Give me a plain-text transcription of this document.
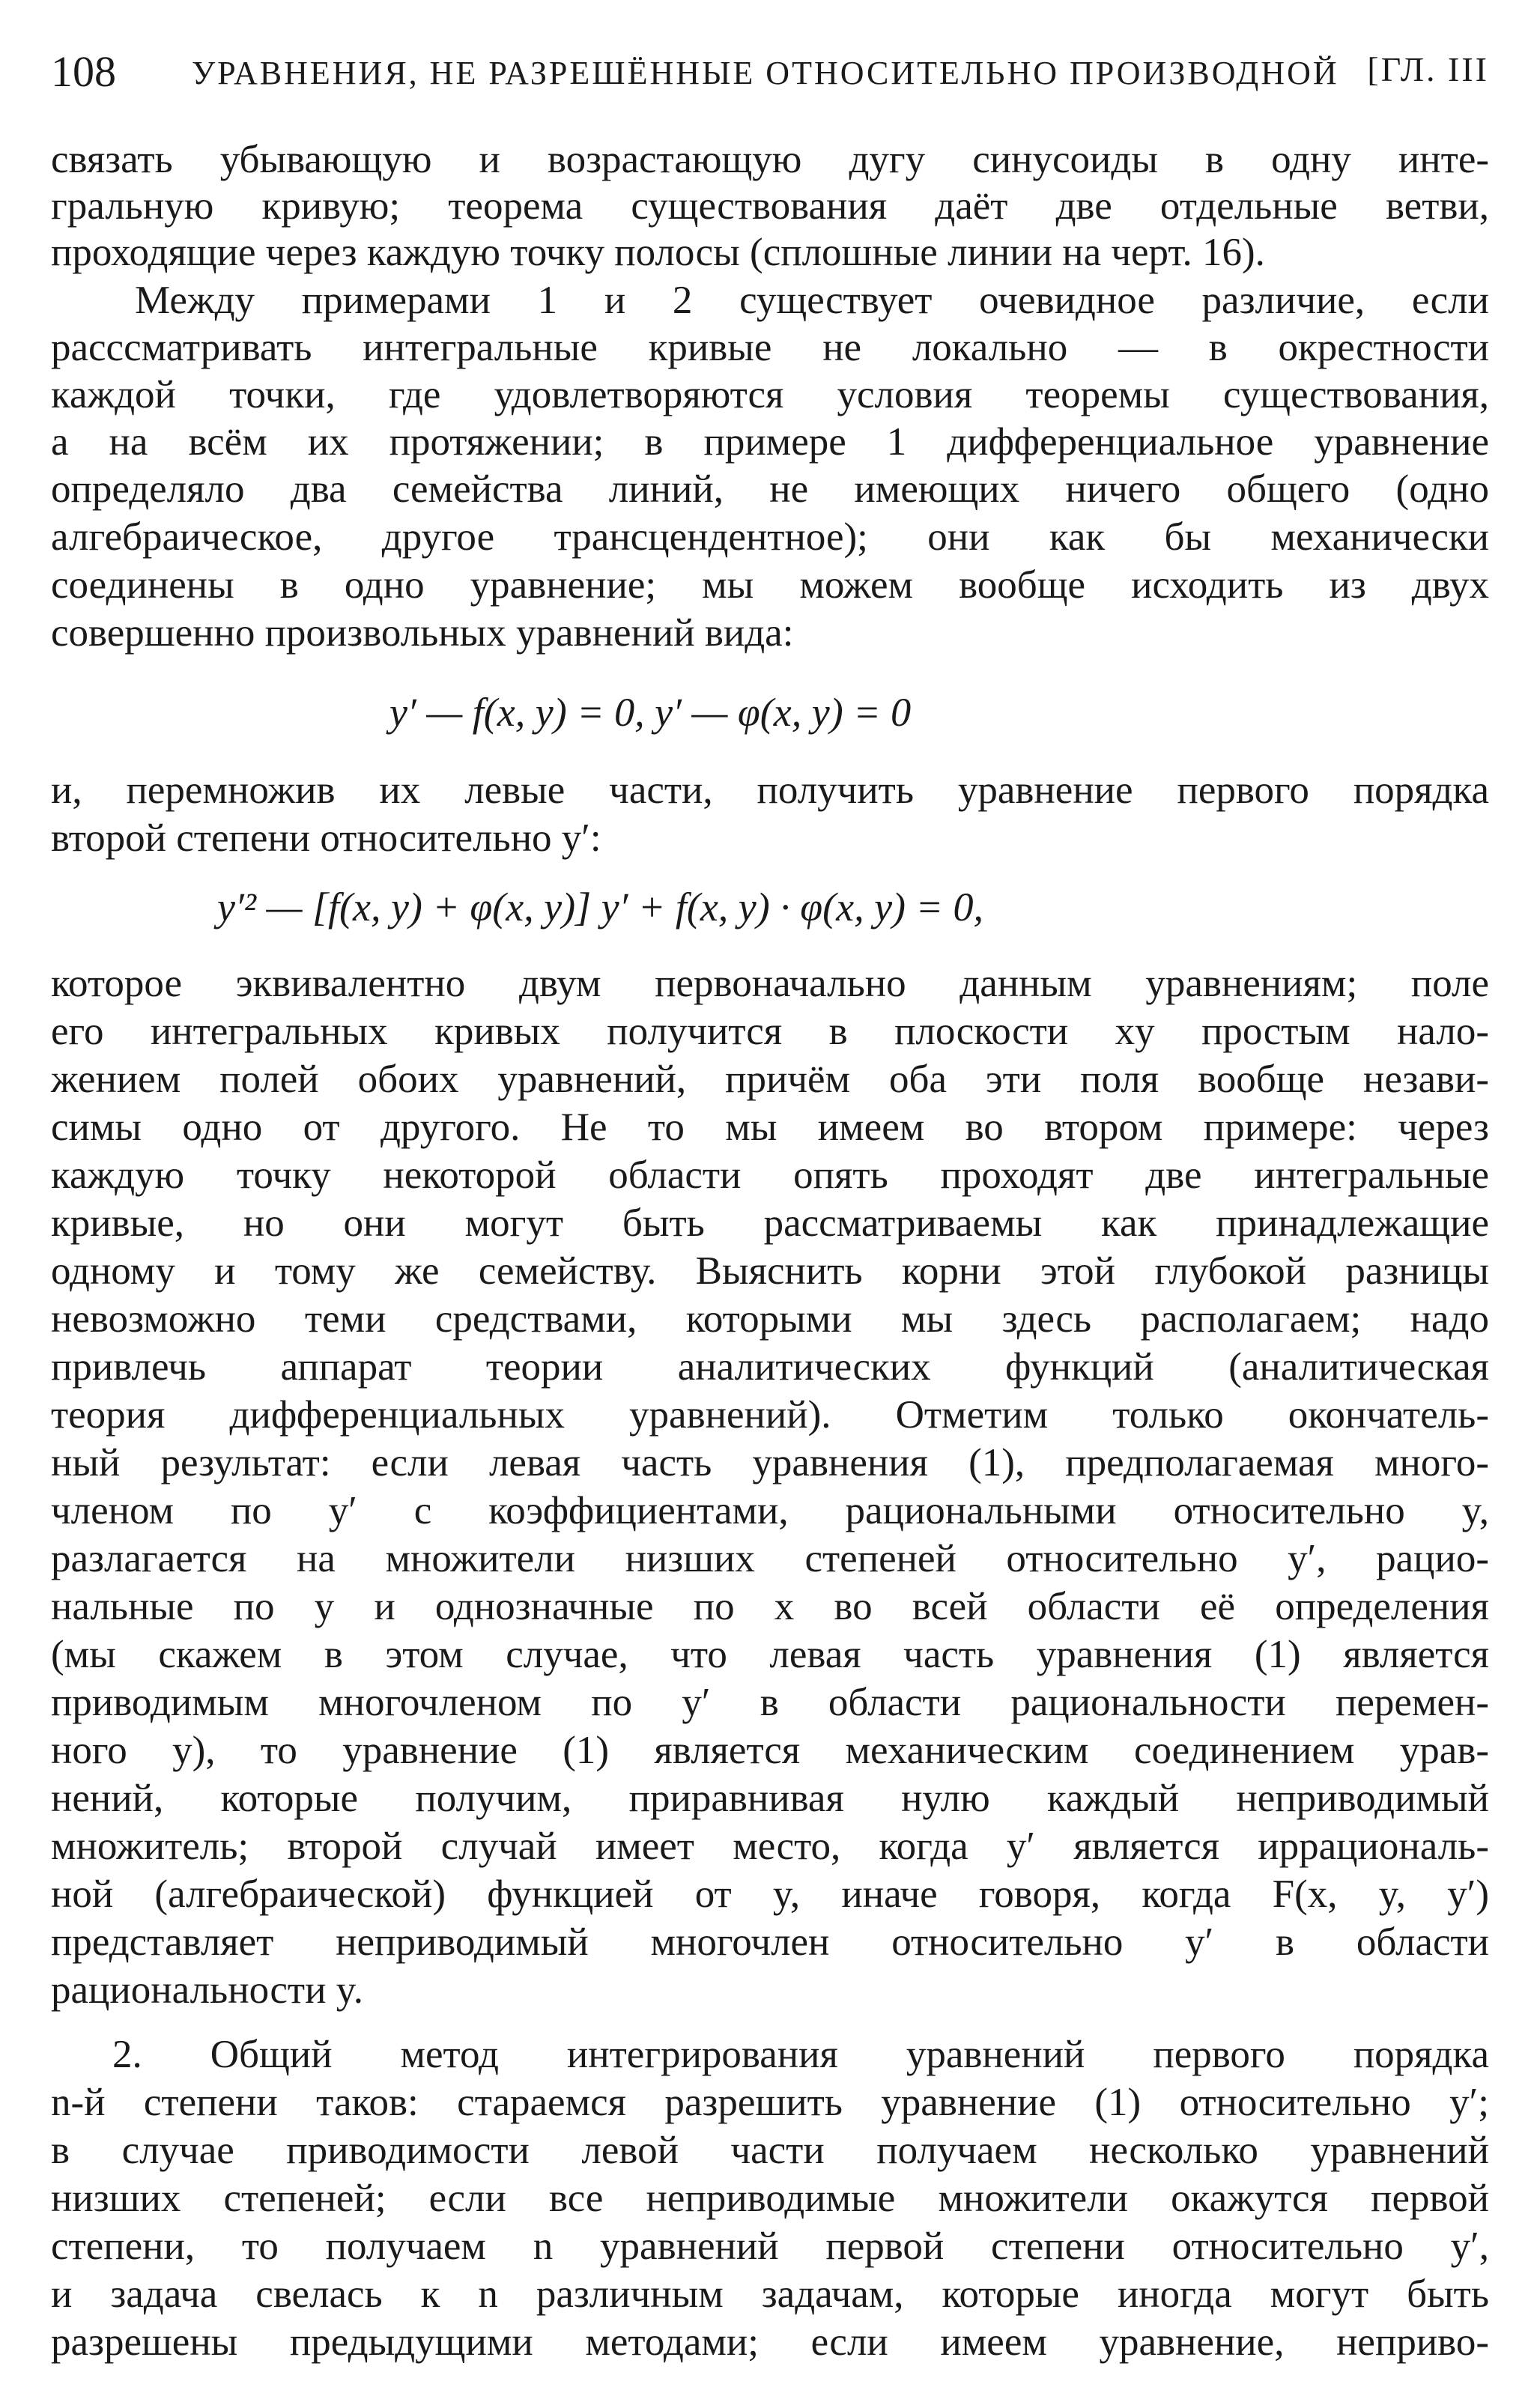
108 УРАВНЕНИЯ, НЕ РАЗРЕШЁННЫЕ ОТНОСИТЕЛЬНО ПРОИЗВОДНОЙ [ГЛ. III
связать убывающую и возрастающую дугу синусоиды в одну инте-
гральную кривую; теорема существования даёт две отдельные ветви,
проходящие через каждую точку полосы (сплошные линии на черт. 16).
Между примерами 1 и 2 существует очевидное различие, если
расссматривать интегральные кривые не локально — в окрестности
каждой точки, где удовлетворяются условия теоремы существования,
а на всём их протяжении; в примере 1 дифференциальное уравнение
определяло два семейства линий, не имеющих ничего общего (одно
алгебраическое, другое трансцендентное); они как бы механически
соединены в одно уравнение; мы можем вообще исходить из двух
совершенно произвольных уравнений вида:
y′ — f(x, y) = 0, y′ — φ(x, y) = 0
и, перемножив их левые части, получить уравнение первого порядка
второй степени относительно y′:
y′² — [f(x, y) + φ(x, y)] y′ + f(x, y) · φ(x, y) = 0,
которое эквивалентно двум первоначально данным уравнениям; поле
его интегральных кривых получится в плоскости xy простым нало-
жением полей обоих уравнений, причём оба эти поля вообще незави-
симы одно от другого. Не то мы имеем во втором примере: через
каждую точку некоторой области опять проходят две интегральные
кривые, но они могут быть рассматриваемы как принадлежащие
одному и тому же семейству. Выяснить корни этой глубокой разницы
невозможно теми средствами, которыми мы здесь располагаем; надо
привлечь аппарат теории аналитических функций (аналитическая
теория дифференциальных уравнений). Отметим только окончатель-
ный результат: если левая часть уравнения (1), предполагаемая много-
членом по y′ с коэффициентами, рациональными относительно y,
разлагается на множители низших степеней относительно y′, рацио-
нальные по y и однозначные по x во всей области её определения
(мы скажем в этом случае, что левая часть уравнения (1) является
приводимым многочленом по y′ в области рациональности перемен-
ного y), то уравнение (1) является механическим соединением урав-
нений, которые получим, приравнивая нулю каждый неприводимый
множитель; второй случай имеет место, когда y′ является иррациональ-
ной (алгебраической) функцией от y, иначе говоря, когда F(x, y, y′)
представляет неприводимый многочлен относительно y′ в области
рациональности y.
2. Общий метод интегрирования уравнений первого порядка
n-й степени таков: стараемся разрешить уравнение (1) относительно y′;
в случае приводимости левой части получаем несколько уравнений
низших степеней; если все неприводимые множители окажутся первой
степени, то получаем n уравнений первой степени относительно y′,
и задача свелась к n различным задачам, которые иногда могут быть
разрешены предыдущими методами; если имеем уравнение, неприво-
